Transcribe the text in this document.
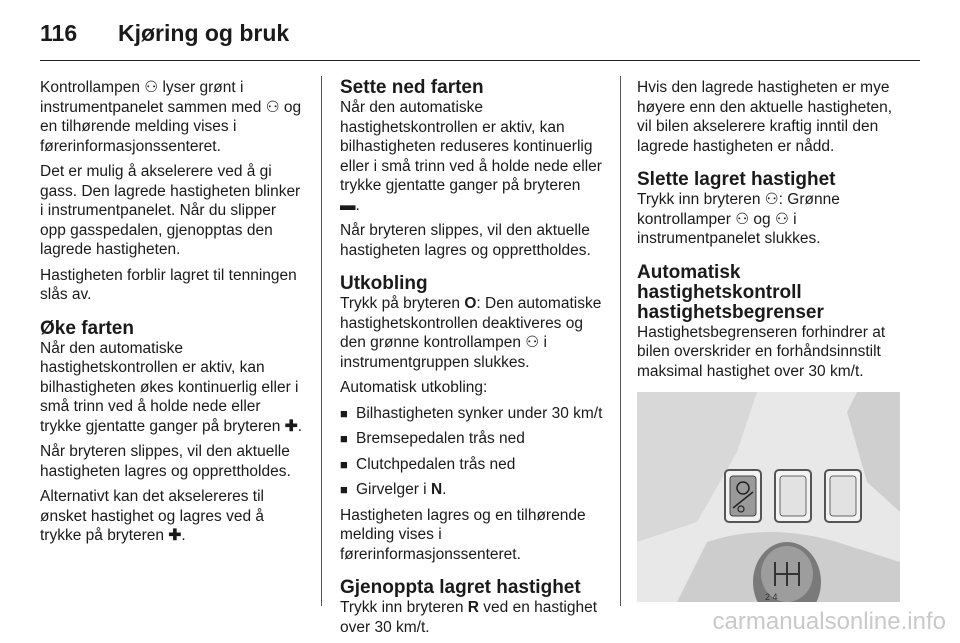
116 Kjøring og bruk

Kontrollampen ⚇ lyser grønt i instrumentpanelet sammen med ⚇ og en tilhørende melding vises i førerinformasjonssenteret.

Det er mulig å akselerere ved å gi gass. Den lagrede hastigheten blinker i instrumentpanelet. Når du slipper opp gasspedalen, gjenopptas den lagrede hastigheten.

Hastigheten forblir lagret til tenningen slås av.

Øke farten

Når den automatiske hastighetskontrollen er aktiv, kan bilhastigheten økes kontinuerlig eller i små trinn ved å holde nede eller trykke gjentatte ganger på bryteren ✚.

Når bryteren slippes, vil den aktuelle hastigheten lagres og opprettholdes.

Alternativt kan det akselereres til ønsket hastighet og lagres ved å trykke på bryteren ✚.

Sette ned farten

Når den automatiske hastighetskontrollen er aktiv, kan bilhastigheten reduseres kontinuerlig eller i små trinn ved å holde nede eller trykke gjentatte ganger på bryteren ▬.

Når bryteren slippes, vil den aktuelle hastigheten lagres og opprettholdes.

Utkobling

Trykk på bryteren O: Den automatiske hastighetskontrollen deaktiveres og den grønne kontrollampen ⚇ i instrumentgruppen slukkes.

Automatisk utkobling:

■ Bilhastigheten synker under 30 km/t
■ Bremsepedalen trås ned
■ Clutchpedalen trås ned
■ Girvelger i N.

Hastigheten lagres og en tilhørende melding vises i førerinformasjonssenteret.

Gjenoppta lagret hastighet

Trykk inn bryteren R ved en hastighet over 30 km/t.

Hvis den lagrede hastigheten er mye høyere enn den aktuelle hastigheten, vil bilen akselerere kraftig inntil den lagrede hastigheten er nådd.

Slette lagret hastighet

Trykk inn bryteren ⚇: Grønne kontrollamper ⚇ og ⚇ i instrumentpanelet slukkes.

Automatisk hastighetskontroll hastighetsbegrenser

Hastighetsbegrenseren forhindrer at bilen overskrider en forhåndsinnstilt maksimal hastighet over 30 km/t.

2 4
carmanualsonline.info
